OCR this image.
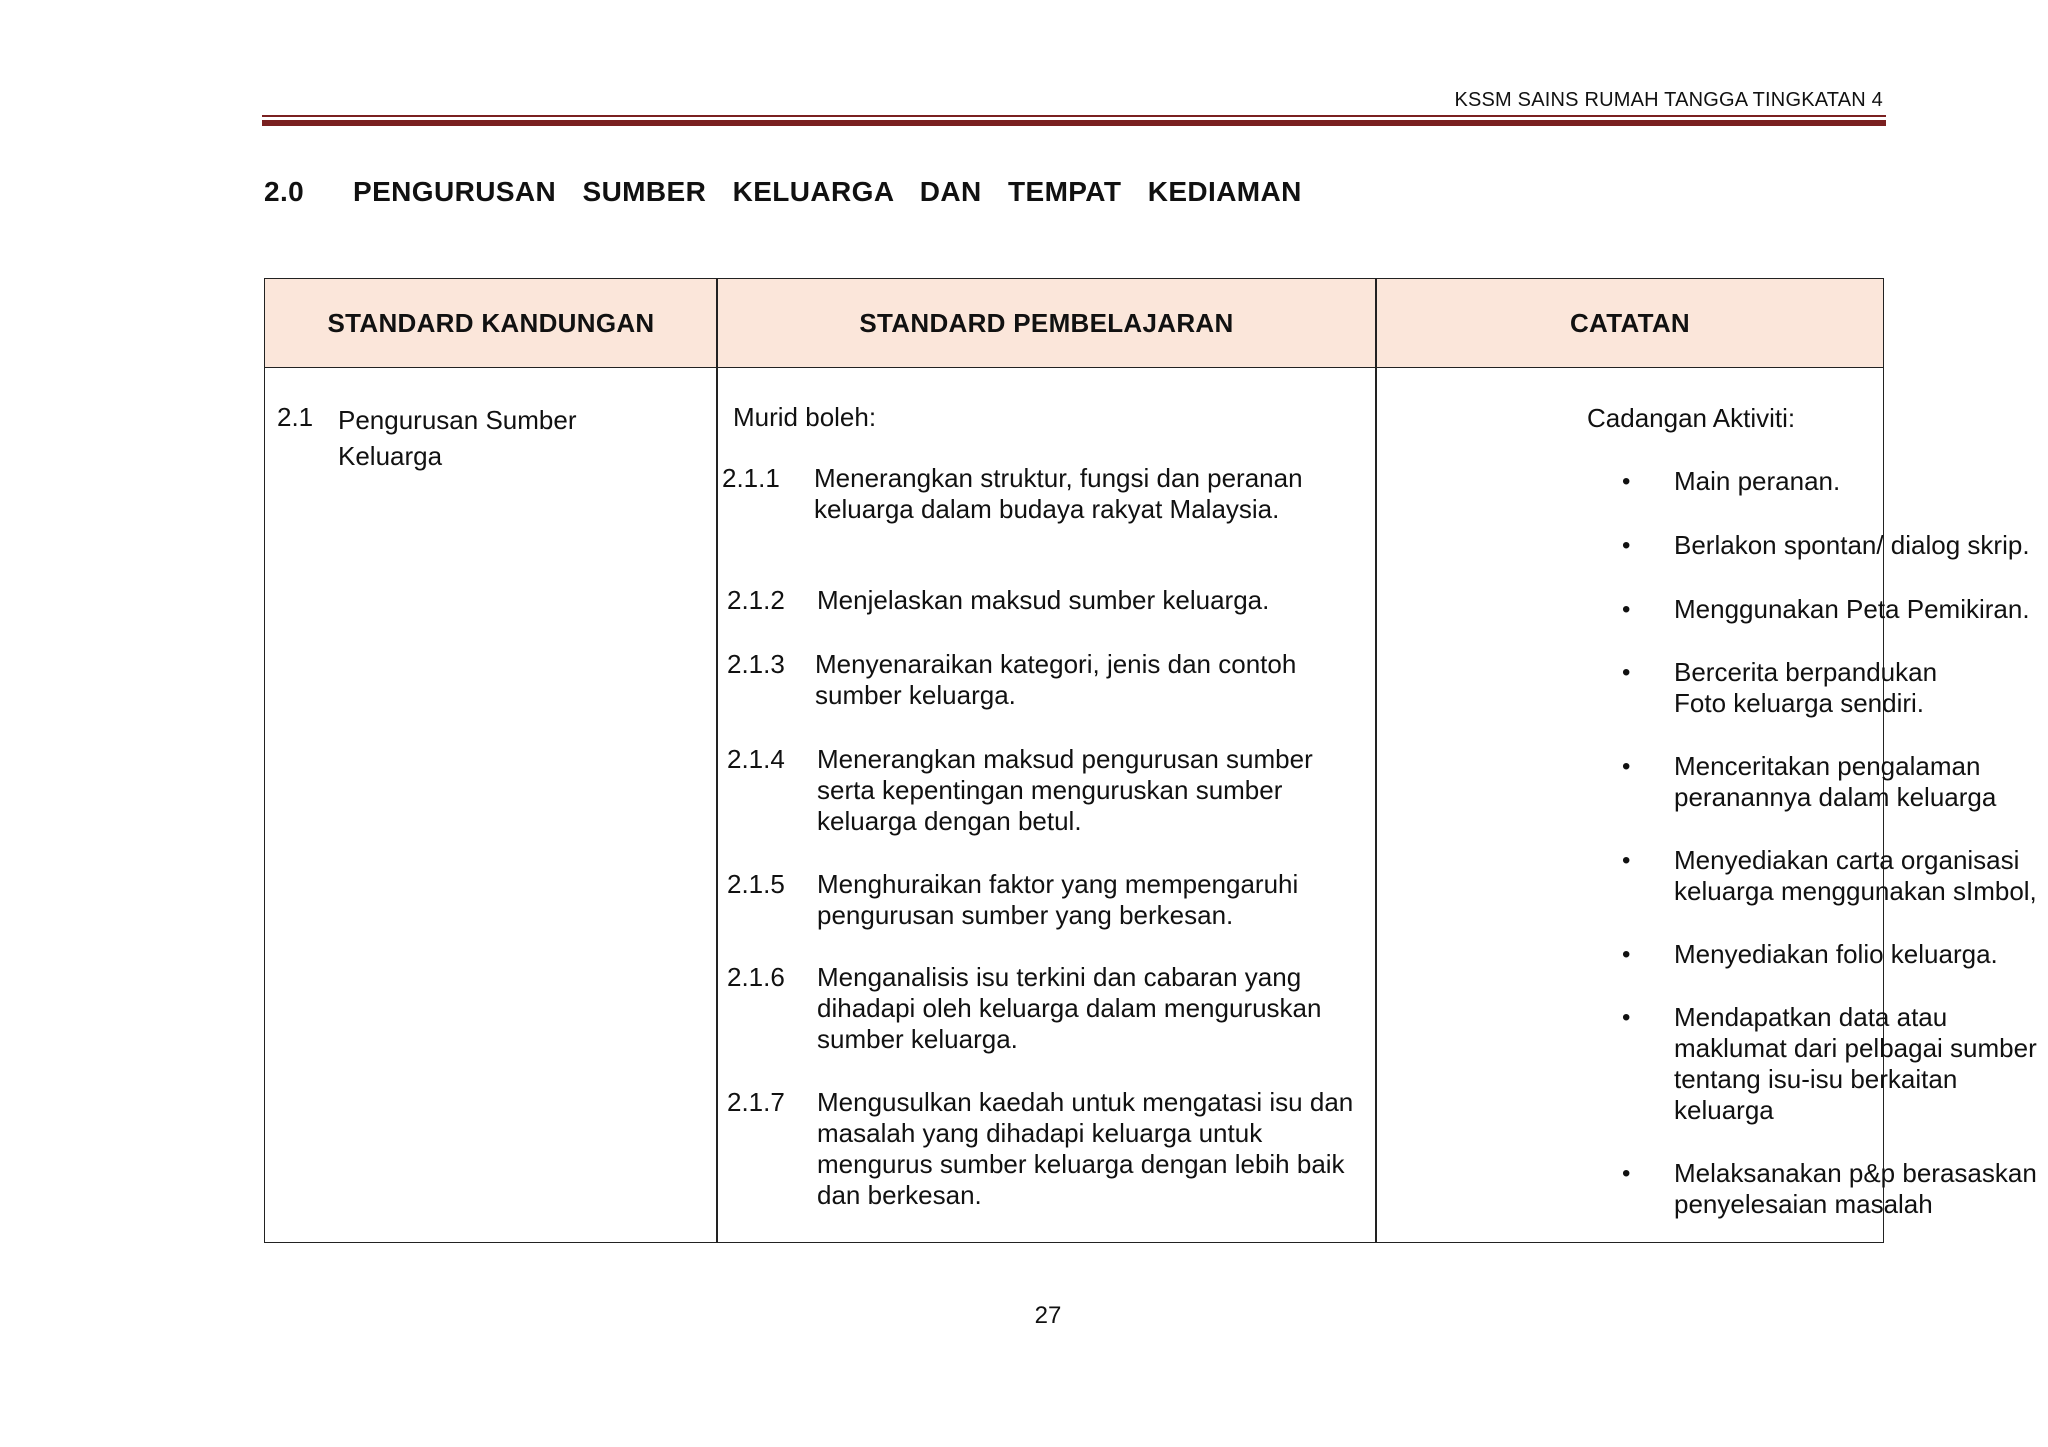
KSSM SAINS RUMAH TANGGA TINGKATAN 4
2.0 PENGURUSAN  SUMBER  KELUARGA  DAN  TEMPAT  KEDIAMAN
STANDARD KANDUNGAN	STANDARD PEMBELAJARAN	CATATAN
2.1 Pengurusan Sumber Keluarga
Murid boleh:
2.1.1 Menerangkan struktur, fungsi dan peranan keluarga dalam budaya rakyat Malaysia.
2.1.2 Menjelaskan maksud sumber keluarga.
2.1.3 Menyenaraikan kategori, jenis dan contoh sumber keluarga.
2.1.4 Menerangkan maksud pengurusan sumber serta kepentingan menguruskan sumber keluarga dengan betul.
2.1.5 Menghuraikan faktor yang mempengaruhi pengurusan sumber yang berkesan.
2.1.6 Menganalisis isu terkini dan cabaran yang dihadapi oleh keluarga dalam menguruskan sumber keluarga.
2.1.7 Mengusulkan kaedah untuk mengatasi isu dan masalah yang dihadapi keluarga untuk mengurus sumber keluarga dengan lebih baik dan berkesan.
Cadangan Aktiviti:
• Main peranan.
• Berlakon spontan/ dialog skrip.
• Menggunakan Peta Pemikiran.
• Bercerita berpandukan Foto keluarga sendiri.
• Menceritakan pengalaman peranannya dalam keluarga
• Menyediakan carta organisasi keluarga menggunakan sImbol,
• Menyediakan folio keluarga.
• Mendapatkan data atau maklumat dari pelbagai sumber tentang isu-isu berkaitan keluarga
• Melaksanakan p&p berasaskan penyelesaian masalah
27
